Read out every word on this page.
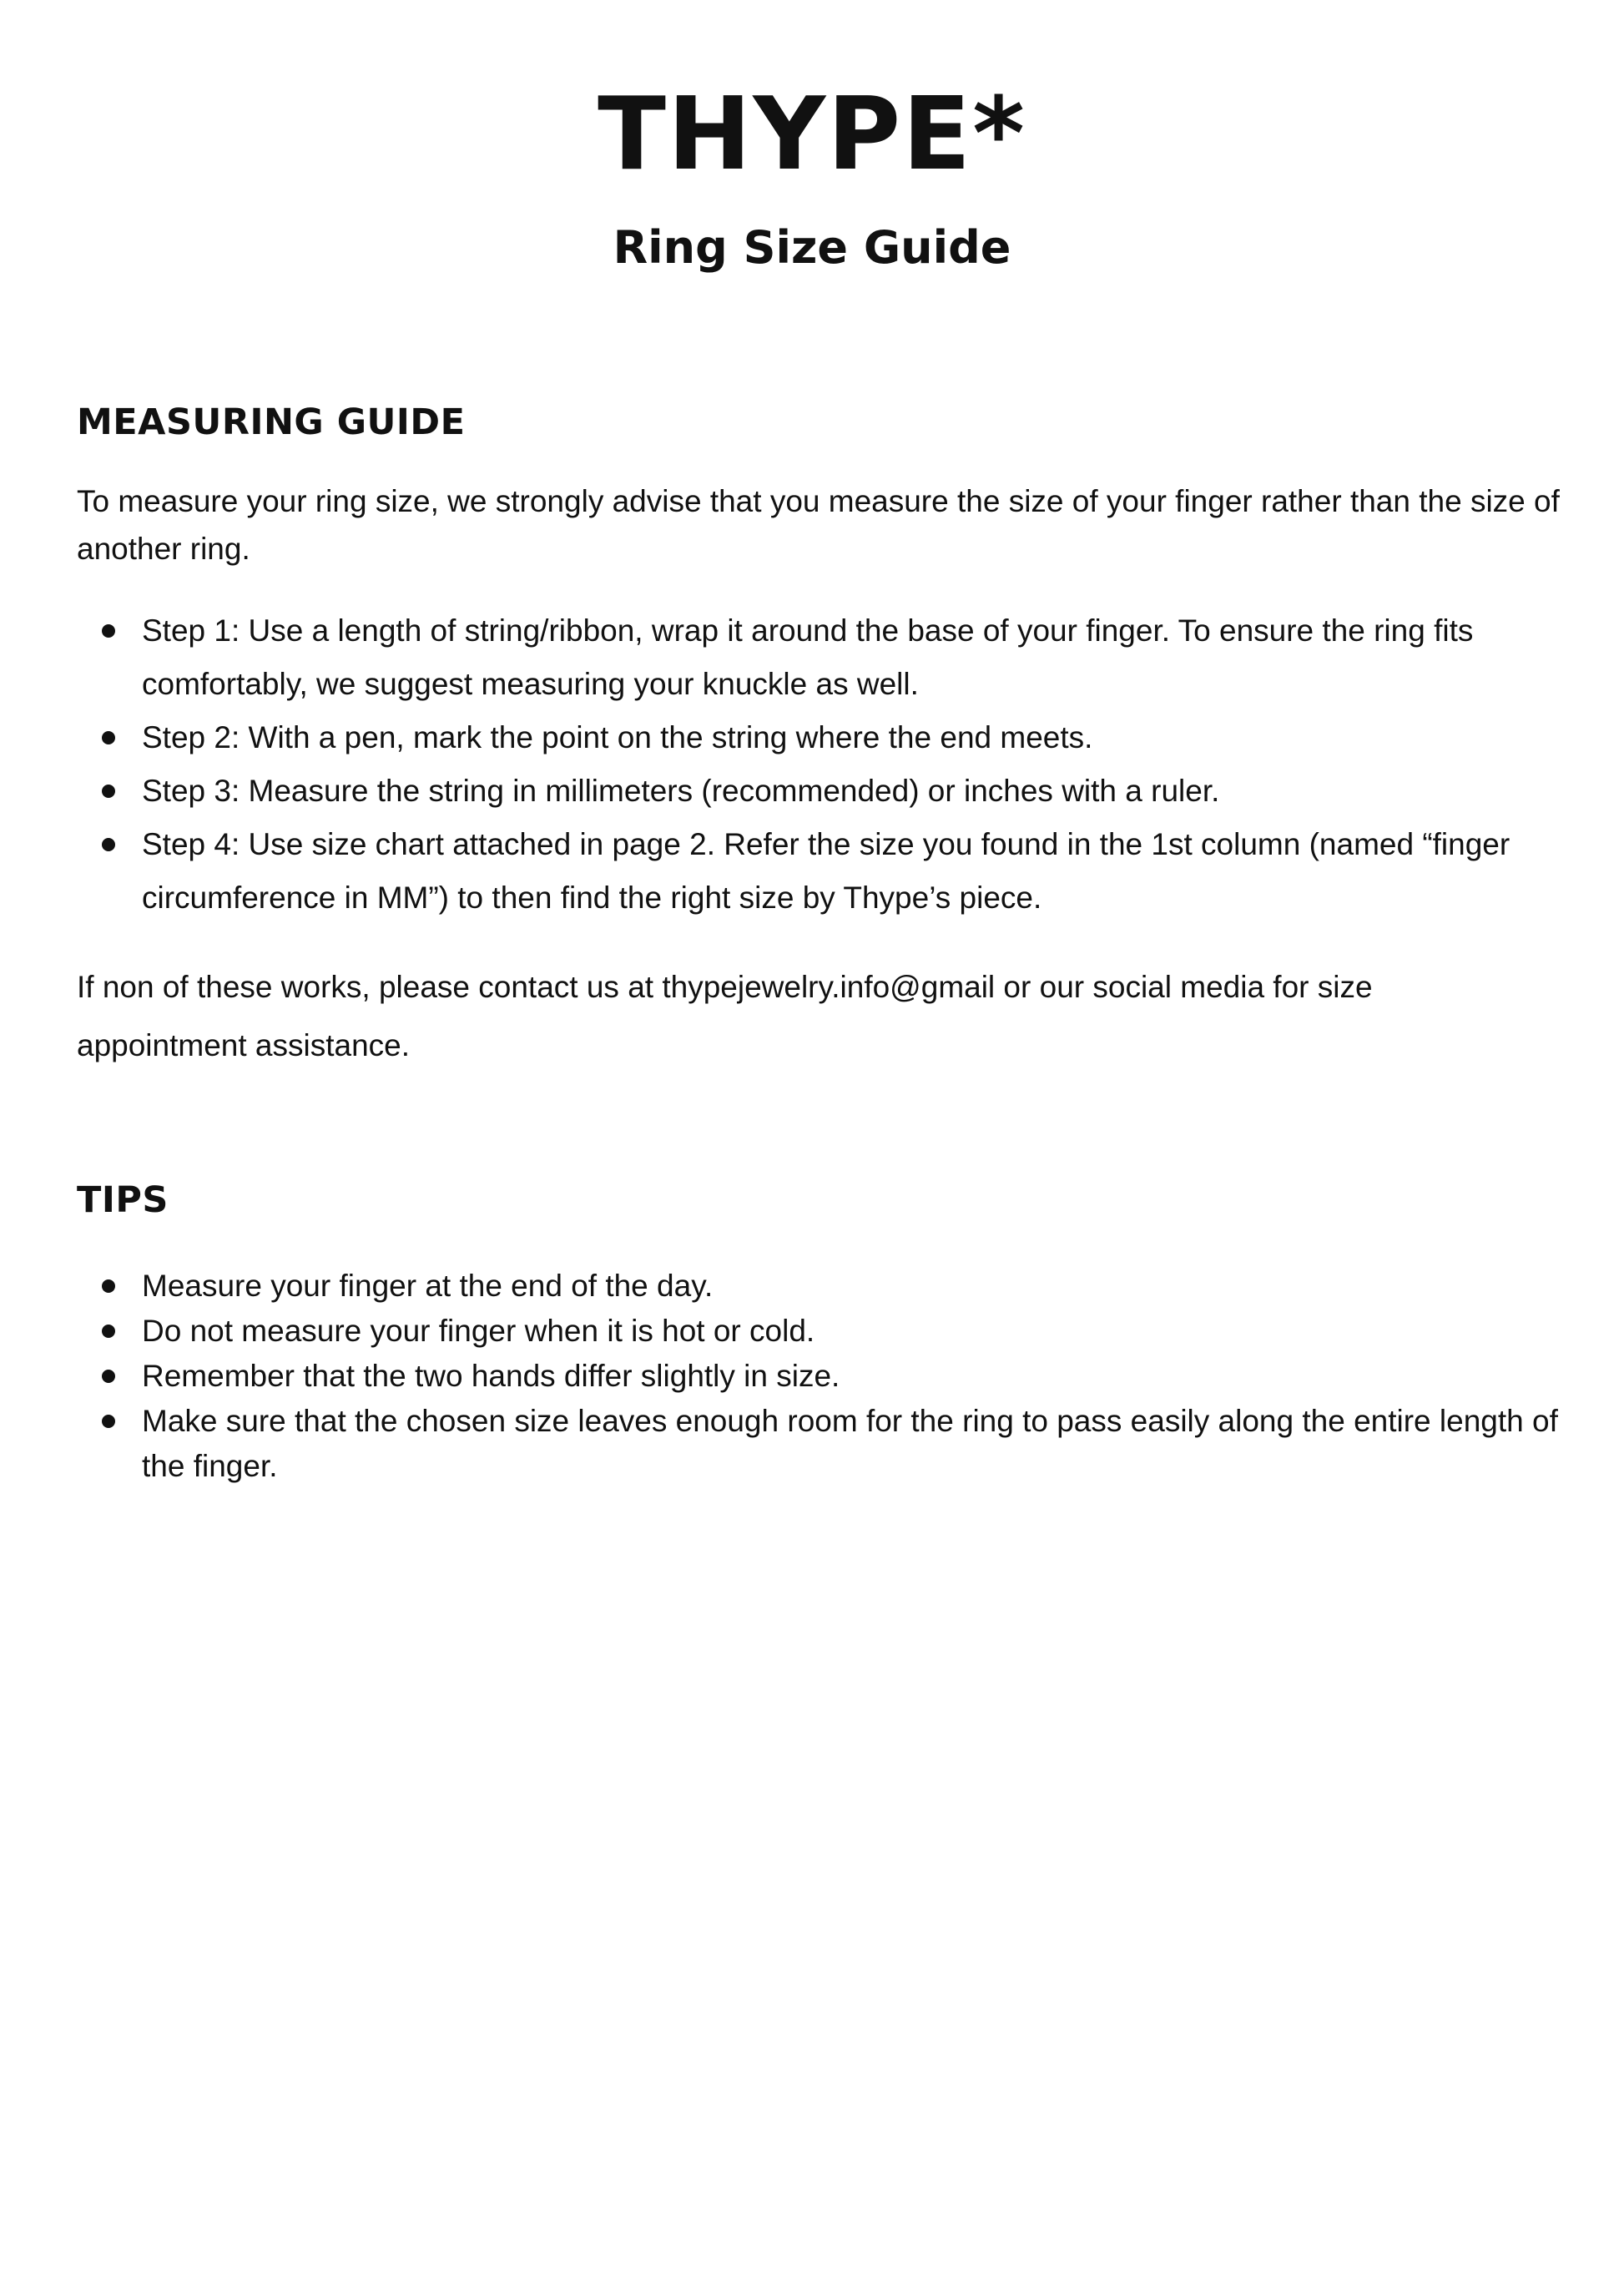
THYPE*
Ring Size Guide
MEASURING GUIDE

To measure your ring size, we strongly advise that you measure the size of your finger rather than the size of another ring.

Step 1: Use a length of string/ribbon, wrap it around the base of your finger. To ensure the ring fits comfortably, we suggest measuring your knuckle as well.
Step 2: With a pen, mark the point on the string where the end meets.
Step 3: Measure the string in millimeters (recommended) or inches with a ruler.
Step 4: Use size chart attached in page 2. Refer the size you found in the 1st column (named “finger circumference in MM”) to then find the right size by Thype’s piece.

If non of these works, please contact us at thypejewelry.info@gmail or our social media for size appointment assistance.

TIPS
Measure your finger at the end of the day.
Do not measure your finger when it is hot or cold.
Remember that the two hands differ slightly in size.
Make sure that the chosen size leaves enough room for the ring to pass easily along the entire length of the finger.
